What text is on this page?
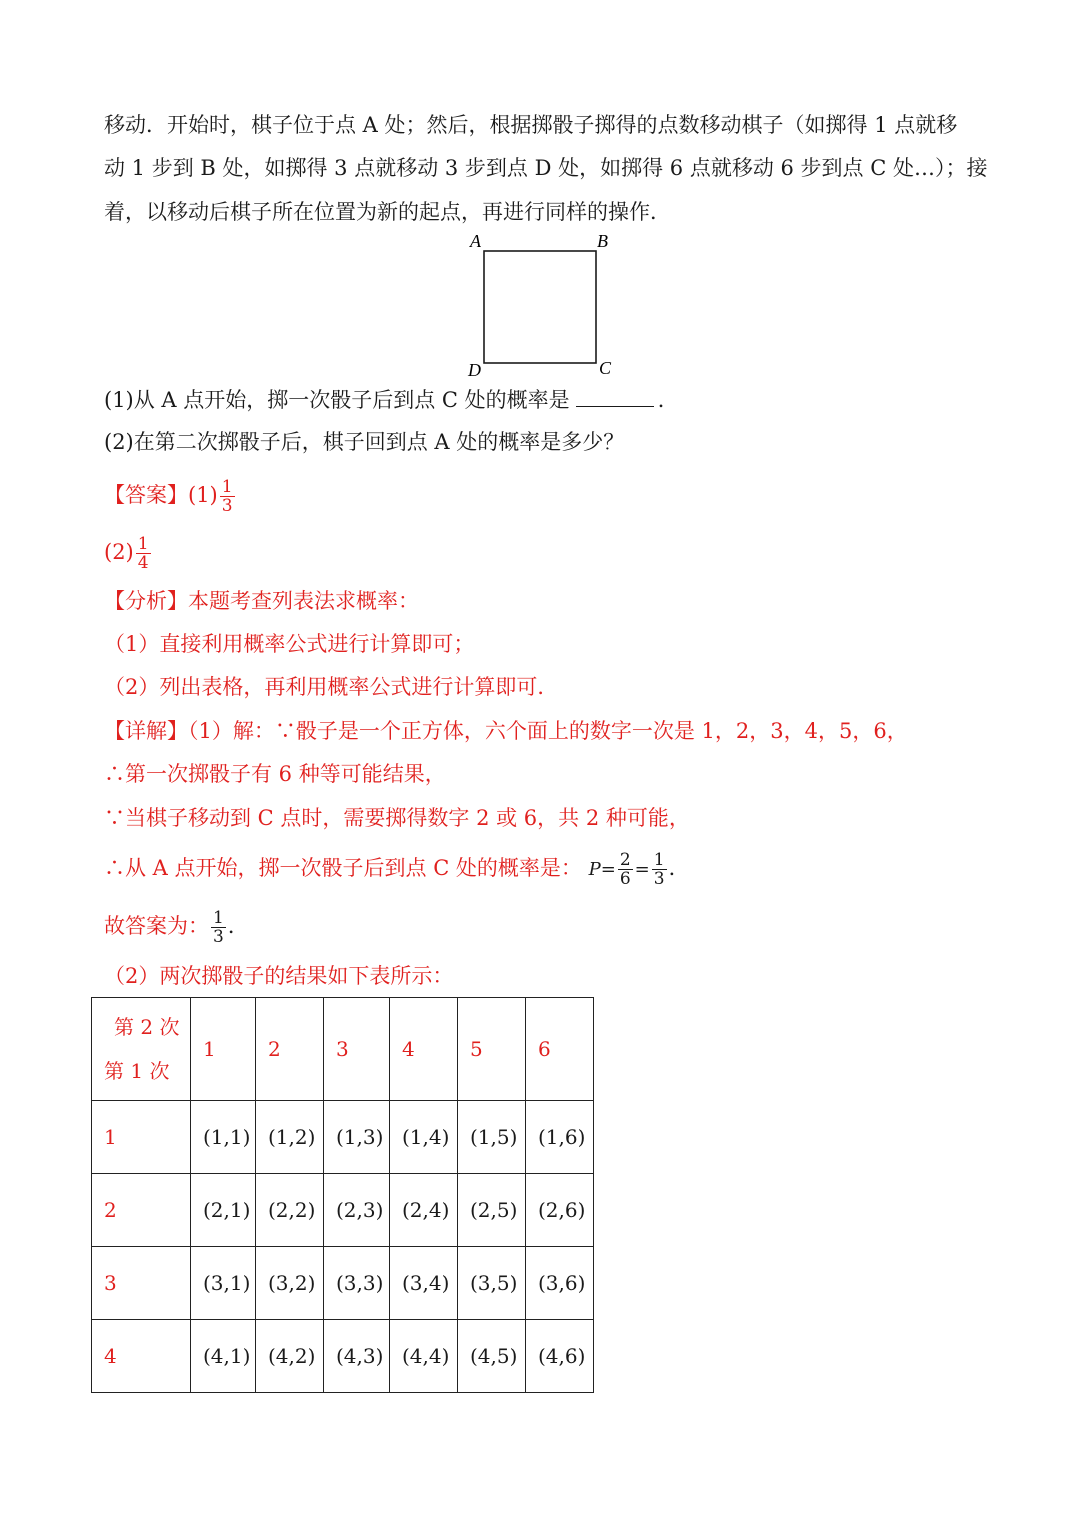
移动．开始时，棋子位于点 A 处；然后，根据掷骰子掷得的点数移动棋子（如掷得 1 点就移
动 1 步到 B 处，如掷得 3 点就移动 3 步到点 D 处，如掷得 6 点就移动 6 步到点 C 处…）；接
着，以移动后棋子所在位置为新的起点，再进行同样的操作．
A	B
C
D
(1)从 A 点开始，掷一次骰子后到点 C 处的概率是	．
(2)在第二次掷骰子后，棋子回到点 A 处的概率是多少？
【答案】$(1) \frac{1}{3}$
$(2) \frac{1}{4}$
【分析】本题考查列表法求概率：
（1）直接利用概率公式进行计算即可；
（2）列出表格，再利用概率公式进行计算即可．
【详解】（1）解：∵骰子是一个正方体，六个面上的数字一次是 1，2，3，4，5，6，
∴第一次掷骰子有 6 种等可能结果，
∵当棋子移动到 C 点时，需要掷得数字 2 或 6，共 2 种可能，
∴从 A 点开始，掷一次骰子后到点 C 处的概率是： $P= \frac{2}{6} = \frac{1}{3}$ ．
故答案为： $\frac{1}{3}$ ．
（2）两次掷骰子的结果如下表所示：
第 2 次
第 1 次	1	2	3	4	5	6
1	(1,1)	(1,2)	(1,3)	(1,4)	(1,5)	(1,6)
2	(2,1)	(2,2)	(2,3)	(2,4)	(2,5)	(2,6)
3	(3,1)	(3,2)	(3,3)	(3,4)	(3,5)	(3,6)
4	(4,1)	(4,2)	(4,3)	(4,4)	(4,5)	(4,6)
